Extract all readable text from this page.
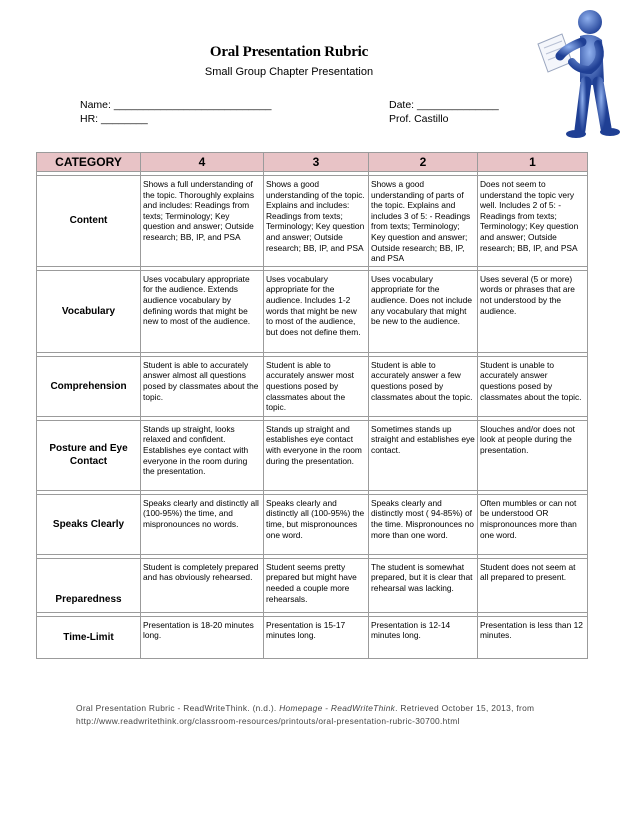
Oral Presentation Rubric
Small Group Chapter Presentation
Name: ___________________________
HR: ________
Date: ______________
Prof. Castillo
CATEGORY	4	3	2	1

Content	Shows a full understanding of the topic. Thoroughly explains and includes: Readings from texts; Terminology; Key question and answer; Outside research; BB, IP, and PSA	Shows a good understanding of the topic. Explains and includes: Readings from texts; Terminology; Key question and answer; Outside research; BB, IP, and PSA	Shows a good understanding of parts of the topic. Explains and includes 3 of 5: - Readings from texts; Terminology; Key question and answer; Outside research; BB, IP, and PSA	Does not seem to understand the topic very well. Includes 2 of 5: - Readings from texts; Terminology; Key question and answer; Outside research; BB, IP, and PSA

Vocabulary	Uses vocabulary appropriate for the audience. Extends audience vocabulary by defining words that might be new to most of the audience.	Uses vocabulary appropriate for the audience. Includes 1-2 words that might be new to most of the audience, but does not define them.	Uses vocabulary appropriate for the audience. Does not include any vocabulary that might be new to the audience.	Uses several (5 or more) words or phrases that are not understood by the audience.

Comprehension	Student is able to accurately answer almost all questions posed by classmates about the topic.	Student is able to accurately answer most questions posed by classmates about the topic.	Student is able to accurately answer a few questions posed by classmates about the topic.	Student is unable to accurately answer questions posed by classmates about the topic.

Posture and Eye Contact	Stands up straight, looks relaxed and confident. Establishes eye contact with everyone in the room during the presentation.	Stands up straight and establishes eye contact with everyone in the room during the presentation.	Sometimes stands up straight and establishes eye contact.	Slouches and/or does not look at people during the presentation.

Speaks Clearly	Speaks clearly and distinctly all (100-95%) the time, and mispronounces no words.	Speaks clearly and distinctly all (100-95%) the time, but mispronounces one word.	Speaks clearly and distinctly most ( 94-85%) of the time. Mispronounces no more than one word.	Often mumbles or can not be understood OR mispronounces more than one word.

Preparedness	Student is completely prepared and has obviously rehearsed.	Student seems pretty prepared but might have needed a couple more rehearsals.	The student is somewhat prepared, but it is clear that rehearsal was lacking.	Student does not seem at all prepared to present.

Time-Limit	Presentation is 18-20 minutes long.	Presentation is 15-17 minutes long.	Presentation is 12-14 minutes long.	Presentation is less than 12 minutes.
Oral Presentation Rubric - ReadWriteThink. (n.d.). Homepage - ReadWriteThink. Retrieved October 15, 2013, from
http://www.readwritethink.org/classroom-resources/printouts/oral-presentation-rubric-30700.html
